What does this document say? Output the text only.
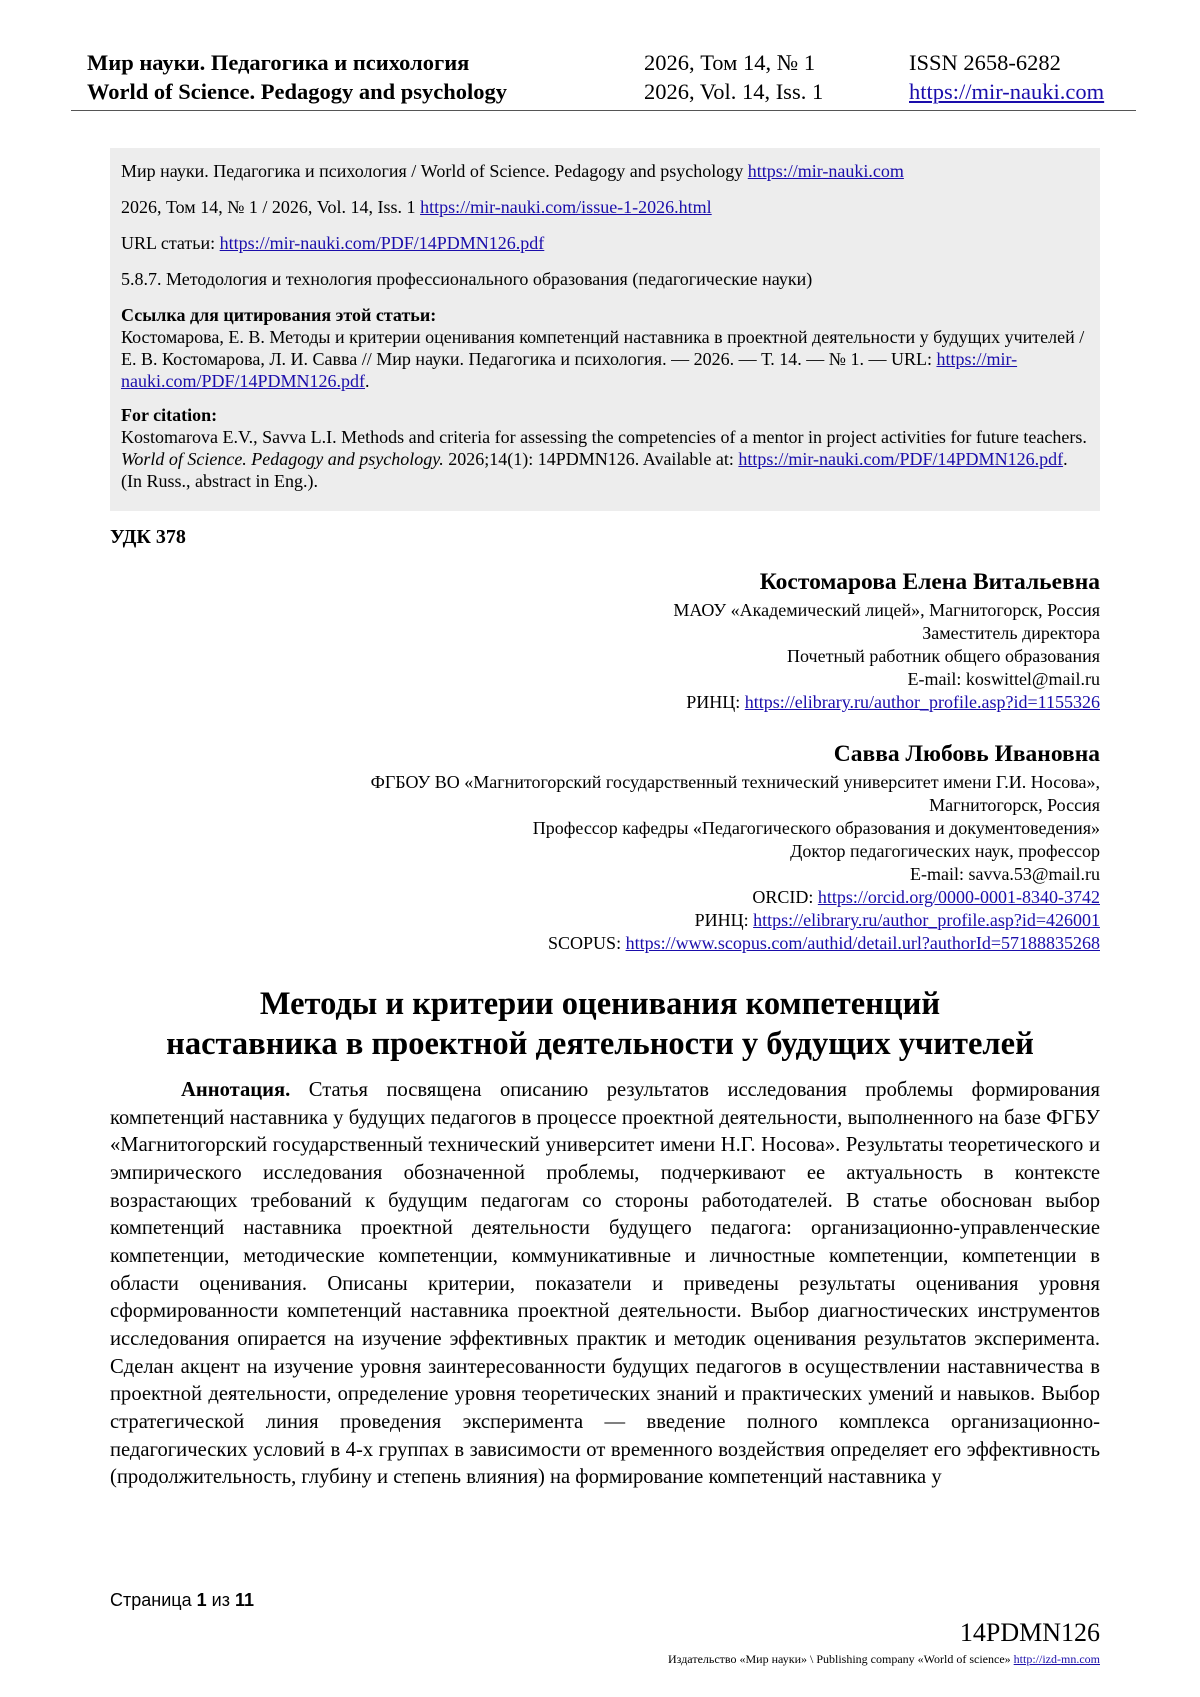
Мир науки. Педагогика и психология	2026, Том 14, № 1	ISSN 2658-6282
World of Science. Pedagogy and psychology	2026, Vol. 14, Iss. 1	https://mir-nauki.com

Мир науки. Педагогика и психология / World of Science. Pedagogy and psychology https://mir-nauki.com

2026, Том 14, № 1 / 2026, Vol. 14, Iss. 1 https://mir-nauki.com/issue-1-2026.html

URL статьи: https://mir-nauki.com/PDF/14PDMN126.pdf

5.8.7. Методология и технология профессионального образования (педагогические науки)

Ссылка для цитирования этой статьи:
Костомарова, Е. В. Методы и критерии оценивания компетенций наставника в проектной деятельности у будущих учителей / Е. В. Костомарова, Л. И. Савва // Мир науки. Педагогика и психология. — 2026. — Т. 14. — № 1. — URL: https://mir-nauki.com/PDF/14PDMN126.pdf.

For citation:
Kostomarova E.V., Savva L.I. Methods and criteria for assessing the competencies of a mentor in project activities for future teachers. World of Science. Pedagogy and psychology. 2026;14(1): 14PDMN126. Available at: https://mir-nauki.com/PDF/14PDMN126.pdf. (In Russ., abstract in Eng.).

УДК 378

Костомарова Елена Витальевна

МАОУ «Академический лицей», Магнитогорск, Россия

Заместитель директора

Почетный работник общего образования

E-mail: koswittel@mail.ru

РИНЦ: https://elibrary.ru/author_profile.asp?id=1155326

Савва Любовь Ивановна

ФГБОУ ВО «Магнитогорский государственный технический университет имени Г.И. Носова»,

Магнитогорск, Россия

Профессор кафедры «Педагогического образования и документоведения»

Доктор педагогических наук, профессор

E-mail: savva.53@mail.ru

ORCID: https://orcid.org/0000-0001-8340-3742

РИНЦ: https://elibrary.ru/author_profile.asp?id=426001

SCOPUS: https://www.scopus.com/authid/detail.url?authorId=57188835268

Методы и критерии оценивания компетенций
наставника в проектной деятельности у будущих учителей

Аннотация. Статья посвящена описанию результатов исследования проблемы формирования компетенций наставника у будущих педагогов в процессе проектной деятельности, выполненного на базе ФГБУ «Магнитогорский государственный технический университет имени Н.Г. Носова». Результаты теоретического и эмпирического исследования обозначенной проблемы, подчеркивают ее актуальность в контексте возрастающих требований к будущим педагогам со стороны работодателей. В статье обоснован выбор компетенций наставника проектной деятельности будущего педагога: организационно-управленческие компетенции, методические компетенции, коммуникативные и личностные компетенции, компетенции в области оценивания. Описаны критерии, показатели и приведены результаты оценивания уровня сформированности компетенций наставника проектной деятельности. Выбор диагностических инструментов исследования опирается на изучение эффективных практик и методик оценивания результатов эксперимента. Сделан акцент на изучение уровня заинтересованности будущих педагогов в осуществлении наставничества в проектной деятельности, определение уровня теоретических знаний и практических умений и навыков. Выбор стратегической линия проведения эксперимента — введение полного комплекса организационно-педагогических условий в 4-х группах в зависимости от временного воздействия определяет его эффективность (продолжительность, глубину и степень влияния) на формирование компетенций наставника у

Страница 1 из 11
14PDMN126
Издательство «Мир науки» \ Publishing company «World of science» http://izd-mn.com
